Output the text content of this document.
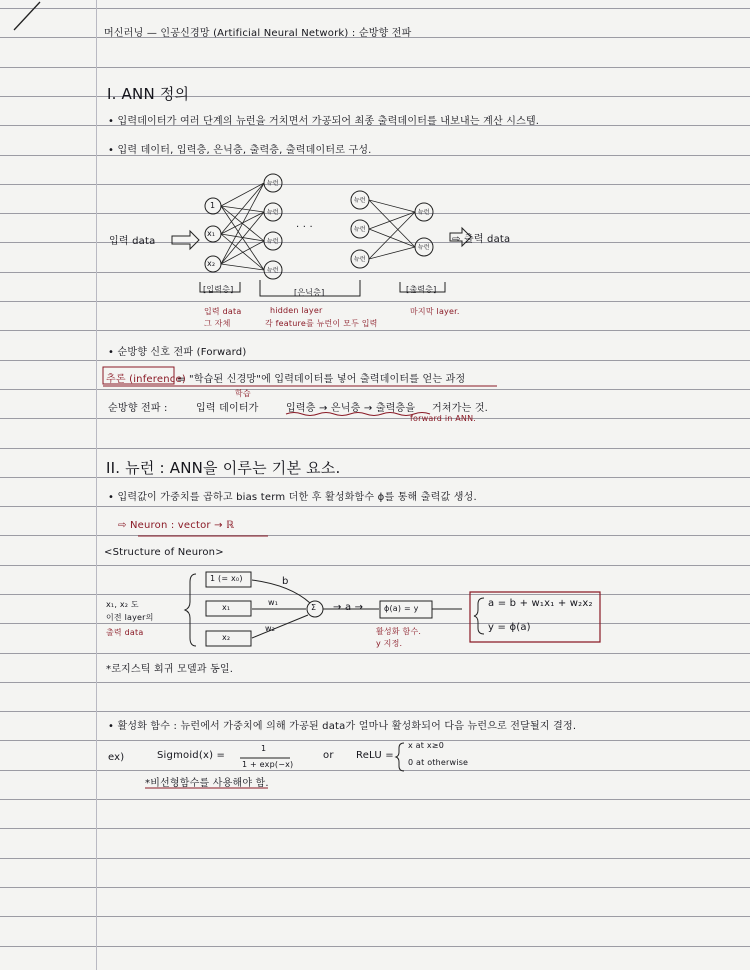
뉴런
뉴런
뉴런
뉴런
뉴런
뉴런
뉴런
뉴런
뉴런
머신러닝 — 인공신경망 (Artificial Neural Network) : 순방향 전파
I. ANN 정의
• 입력데이터가 여러 단계의 뉴런을 거치면서 가공되어 최종 출력데이터를 내보내는 계산 시스템.
• 입력 데이터, 입력층, 은닉층, 출력층, 출력데이터로 구성.
입력 data
1
x₁
x₂
· · ·
⇨ 출력 data
[입력층]	[은닉층]	[출력층]
입력 data
그 자체
hidden layer
각 feature를 뉴런이 모두 입력
마지막 layer.
• 순방향 신호 전파 (Forward)
추론 (inference)
= "학습된 신경망"에 입력데이터를 넣어 출력데이터를 얻는 과정
학습
순방향 전파 :	입력 데이터가	입력층 → 은닉층 → 출력층을 거쳐가는 것.
forward in ANN.
II. 뉴런 : ANN을 이루는 기본 요소.
• 입력값이 가중치를 곱하고 bias term 더한 후 활성화함수 ϕ를 통해 출력값 생성.
⇨ Neuron : vector → ℝ
<Structure of Neuron>
x₁, x₂ 도
이전 layer의
출력 data
1 (= x₀)
x₁
x₂
b
w₁
w₂
Σ → a →	ϕ(a) = y
활성화 함수.
y 지정.
a = b + w₁x₁ + w₂x₂
y = ϕ(a)
*로지스틱 회귀 모델과 동일.
• 활성화 함수 : 뉴런에서 가중치에 의해 가공된 data가 얼마나 활성화되어 다음 뉴런으로 전달될지 결정.
ex)	Sigmoid(x) =
1
1 + exp(−x)
or ReLU =
x at x≥0
0 at otherwise
*비선형함수를 사용해야 함.
